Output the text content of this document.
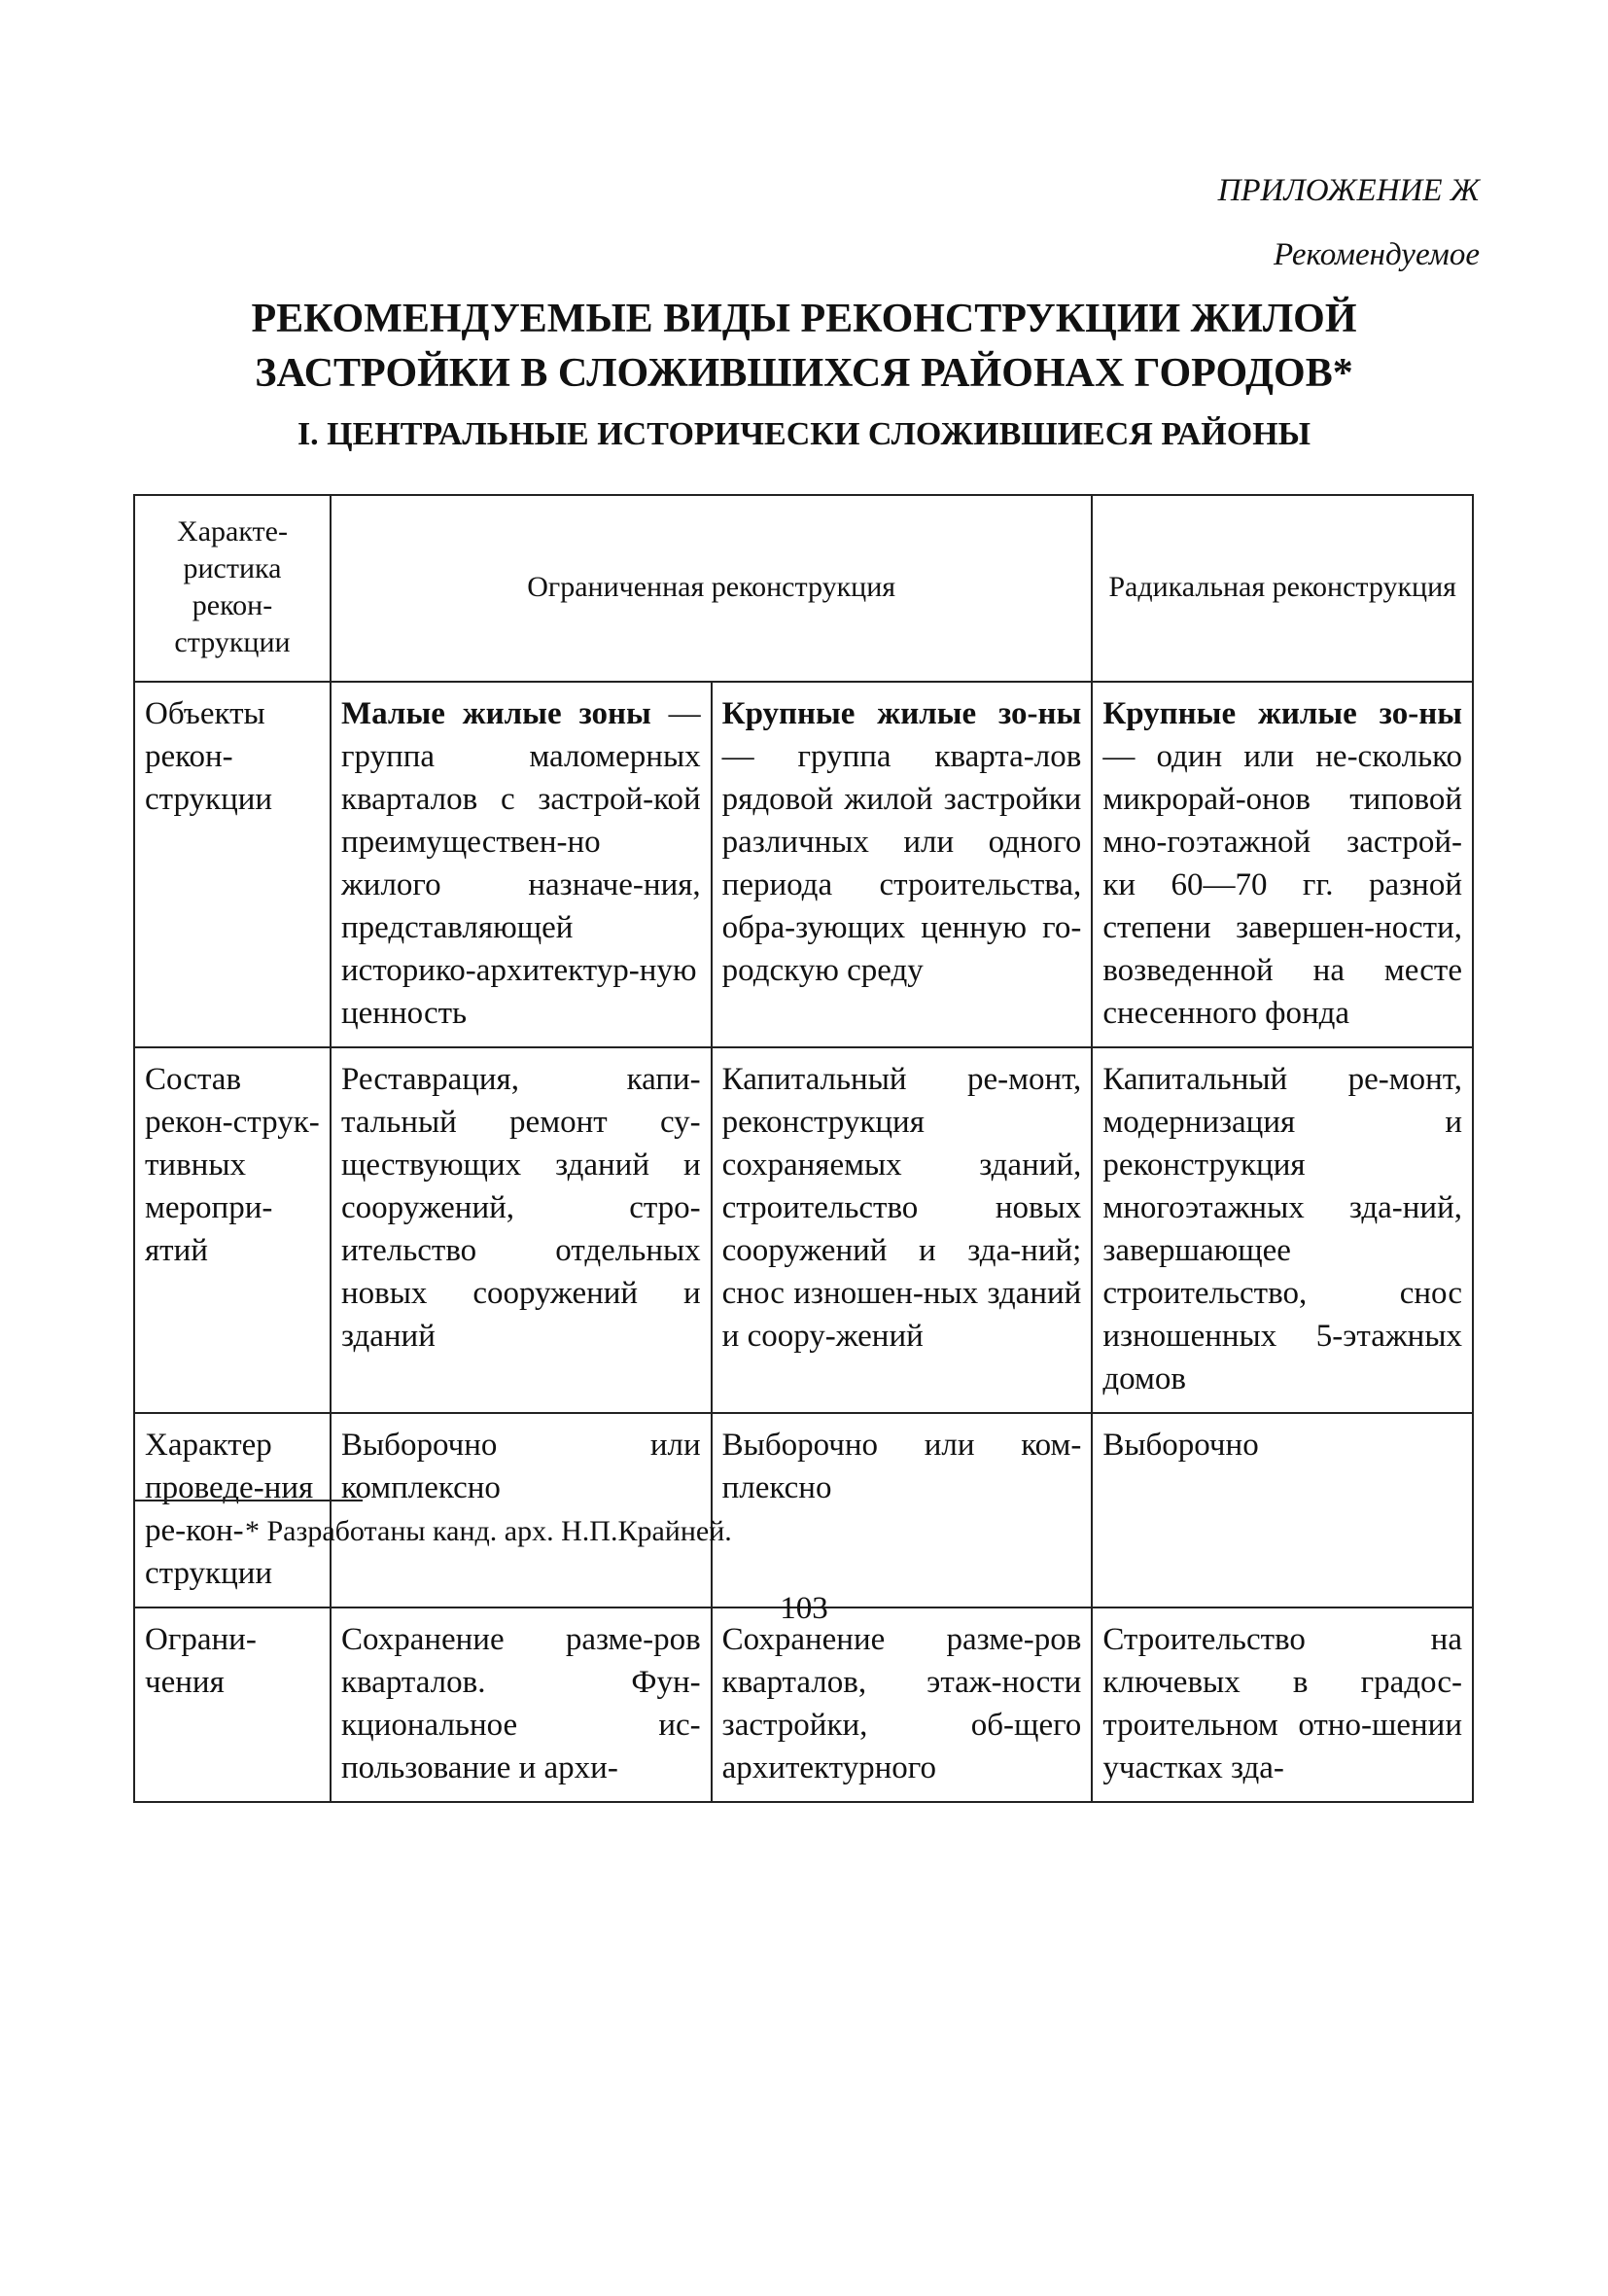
ПРИЛОЖЕНИЕ Ж
Рекомендуемое
РЕКОМЕНДУЕМЫЕ ВИДЫ РЕКОНСТРУКЦИИ ЖИЛОЙ
ЗАСТРОЙКИ В СЛОЖИВШИХСЯ РАЙОНАХ ГОРОДОВ*
I. ЦЕНТРАЛЬНЫЕ ИСТОРИЧЕСКИ СЛОЖИВШИЕСЯ РАЙОНЫ
Характе-ристика рекон-струкции	Ограниченная реконструкция		Радикальная реконструкция
Объекты рекон-струкции	Малые жилые зоны — группа маломерных кварталов с застрой-кой преимуществен-но жилого назначе-ния, представляющей историко-архитектур-ную ценность	Крупные жилые зо-ны — группа кварта-лов рядовой жилой застройки различных или одного периода строительства, обра-зующих ценную го-родскую среду	Крупные жилые зо-ны — один или не-сколько микрорай-онов типовой мно-гоэтажной застрой-ки 60—70 гг. разной степени завершен-ности, возведенной на месте снесенного фонда
Состав рекон-струк-тивных меропри-ятий	Реставрация, капи-тальный ремонт су-ществующих зданий и сооружений, стро-ительство отдельных новых сооружений и зданий	Капитальный ре-монт, реконструкция сохраняемых зданий, строительство новых сооружений и зда-ний; снос изношен-ных зданий и соору-жений	Капитальный ре-монт, модернизация и реконструкция многоэтажных зда-ний, завершающее строительство, снос изношенных 5-этажных домов
Характер проведе-ния ре-кон-струкции	Выборочно или комплексно	Выборочно или ком-плексно	Выборочно
Ограни-чения	Сохранение разме-ров кварталов. Фун-кциональное ис-пользование и архи-	Сохранение разме-ров кварталов, этаж-ности застройки, об-щего архитектурного	Строительство на ключевых в градос-троительном отно-шении участках зда-
* Разработаны канд. арх. Н.П.Крайней.
103
